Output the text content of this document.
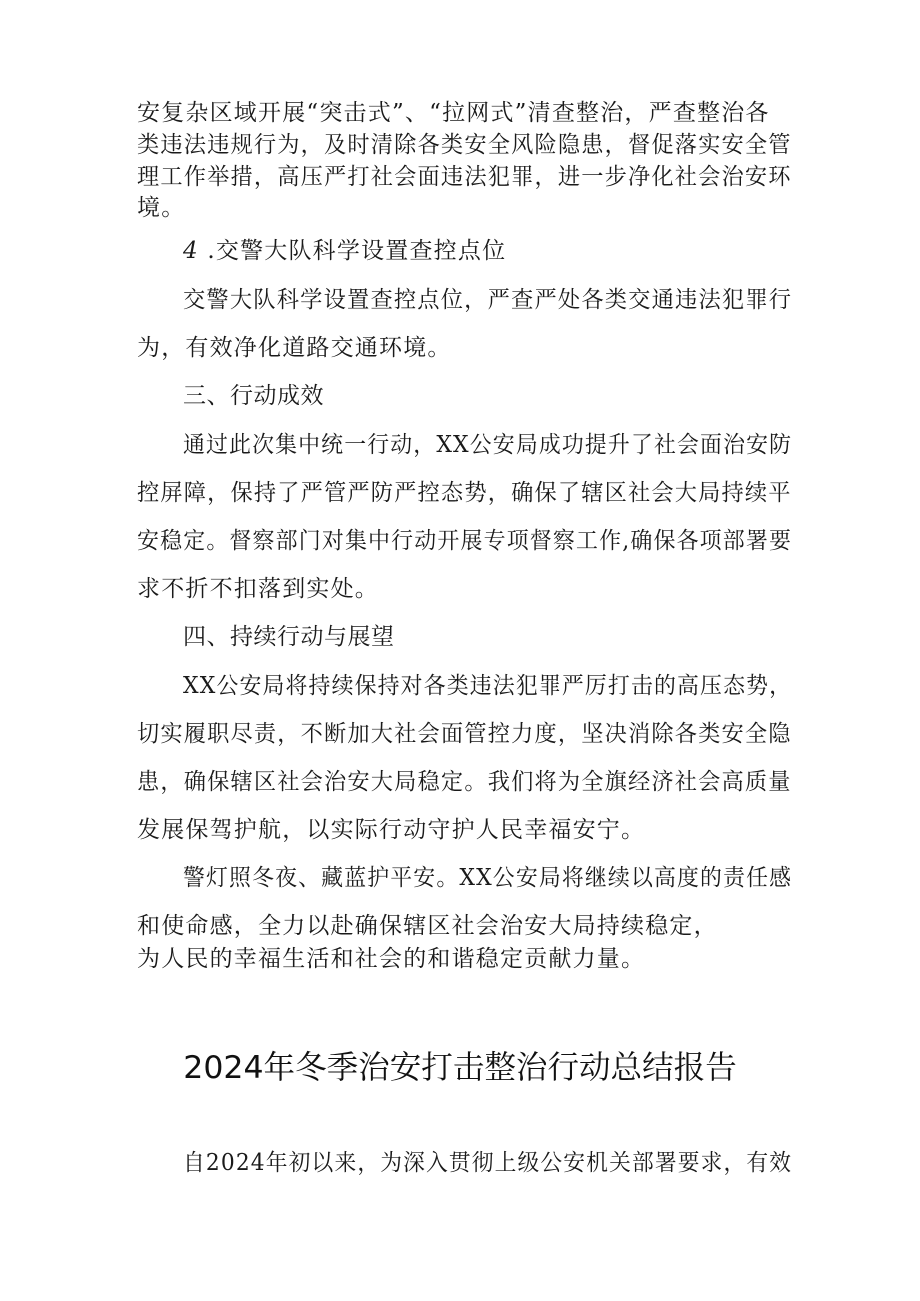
安复杂区域开展“突击式”、“拉网式”清查整治，严查整治各
类违法违规行为，及时清除各类安全风险隐患，督促落实安全管
理工作举措，高压严打社会面违法犯罪，进一步净化社会治安环
境。
4 .交警大队科学设置查控点位
交警大队科学设置查控点位，严查严处各类交通违法犯罪行
为，有效净化道路交通环境。
三、行动成效
通过此次集中统一行动，XX公安局成功提升了社会面治安防
控屏障，保持了严管严防严控态势，确保了辖区社会大局持续平
安稳定。督察部门对集中行动开展专项督察工作,确保各项部署要
求不折不扣落到实处。
四、持续行动与展望
XX公安局将持续保持对各类违法犯罪严厉打击的高压态势，
切实履职尽责，不断加大社会面管控力度，坚决消除各类安全隐
患，确保辖区社会治安大局稳定。我们将为全旗经济社会高质量
发展保驾护航，以实际行动守护人民幸福安宁。
警灯照冬夜、藏蓝护平安。XX公安局将继续以高度的责任感
和使命感，全力以赴确保辖区社会治安大局持续稳定，
为人民的幸福生活和社会的和谐稳定贡献力量。
2024年冬季治安打击整治行动总结报告
自2024年初以来，为深入贯彻上级公安机关部署要求，有效
